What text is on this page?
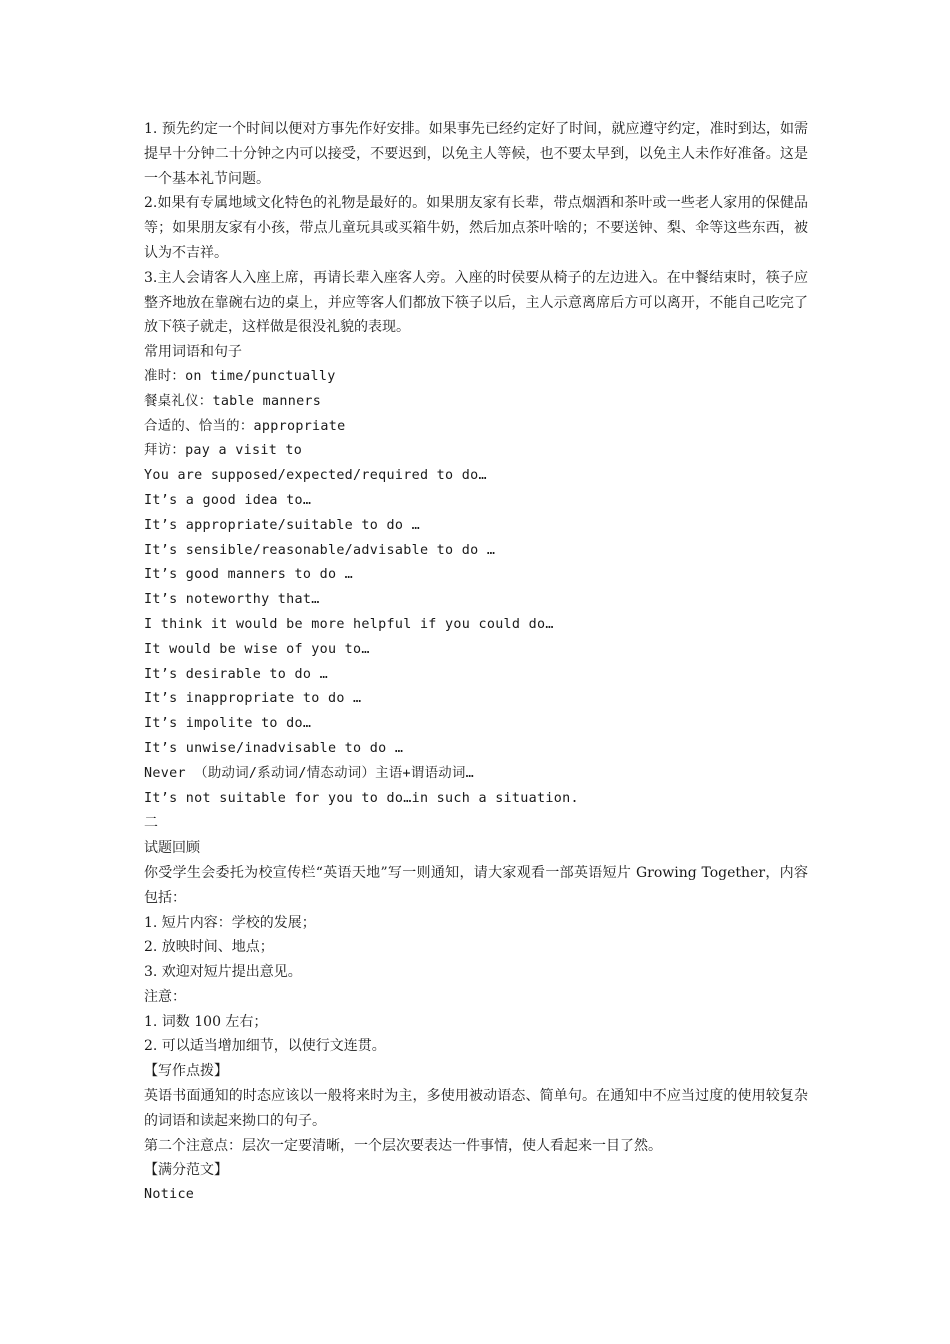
1. 预先约定一个时间以便对方事先作好安排。如果事先已经约定好了时间，就应遵守约定，准时到达，如需提早十分钟二十分钟之内可以接受，不要迟到，以免主人等候，也不要太早到，以免主人未作好准备。这是一个基本礼节问题。

2.如果有专属地域文化特色的礼物是最好的。如果朋友家有长辈，带点烟酒和茶叶或一些老人家用的保健品等；如果朋友家有小孩，带点儿童玩具或买箱牛奶，然后加点茶叶啥的；不要送钟、梨、伞等这些东西，被认为不吉祥。

3.主人会请客人入座上席，再请长辈入座客人旁。入座的时侯要从椅子的左边进入。在中餐结束时，筷子应整齐地放在靠碗右边的桌上，并应等客人们都放下筷子以后，主人示意离席后方可以离开，不能自己吃完了放下筷子就走，这样做是很没礼貌的表现。

常用词语和句子

准时：on time/punctually

餐桌礼仪：table manners

合适的、恰当的：appropriate

拜访：pay a visit to

You are supposed/expected/required to do…

It’s a good idea to…

It’s appropriate/suitable to do …

It’s sensible/reasonable/advisable to do …

It’s good manners to do …

It’s noteworthy that…

I think it would be more helpful if you could do…

It would be wise of you to…

It’s desirable to do …

It’s inappropriate to do …

It’s impolite to do…

It’s unwise/inadvisable to do …

Never （助动词/系动词/情态动词）主语+谓语动词…

It’s not suitable for you to do…in such a situation.

二

试题回顾

你受学生会委托为校宣传栏“英语天地”写一则通知，请大家观看一部英语短片 Growing Together，内容包括：

1. 短片内容：学校的发展；

2. 放映时间、地点；

3. 欢迎对短片提出意见。

注意：

1. 词数 100 左右；

2. 可以适当增加细节，以使行文连贯。

【写作点拨】

英语书面通知的时态应该以一般将来时为主，多使用被动语态、简单句。在通知中不应当过度的使用较复杂的词语和读起来拗口的句子。

第二个注意点：层次一定要清晰，一个层次要表达一件事情，使人看起来一目了然。

【满分范文】

Notice
